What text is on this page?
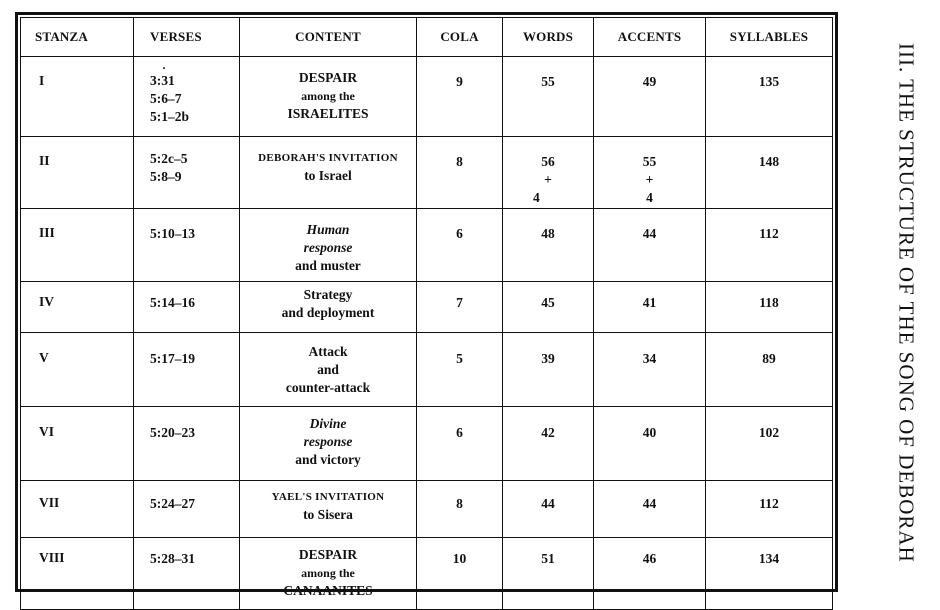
STANZA	VERSES	CONTENT	COLA	WORDS	ACCENTS	SYLLABLES
I	·
3:31
5:6–7
5:1–2b	DESPAIR
among the
ISRAELITES	9	55	49	135
II	5:2c–5
5:8–9	DEBORAH'S INVITATION
to Israel	8	56
+
4	55
+
4	148
III	5:10–13	Human
response
and muster	6	48	44	112
IV	5:14–16	Strategy
and deployment	7	45	41	118
V	5:17–19	Attack
and
counter-attack	5	39	34	89
VI	5:20–23	Divine
response
and victory	6	42	40	102
VII	5:24–27	YAEL'S INVITATION
to Sisera	8	44	44	112
VIII	5:28–31	DESPAIR
among the
CANAANITES	10	51	46	134	III. THE STRUCTURE OF THE SONG OF DEBORAH
